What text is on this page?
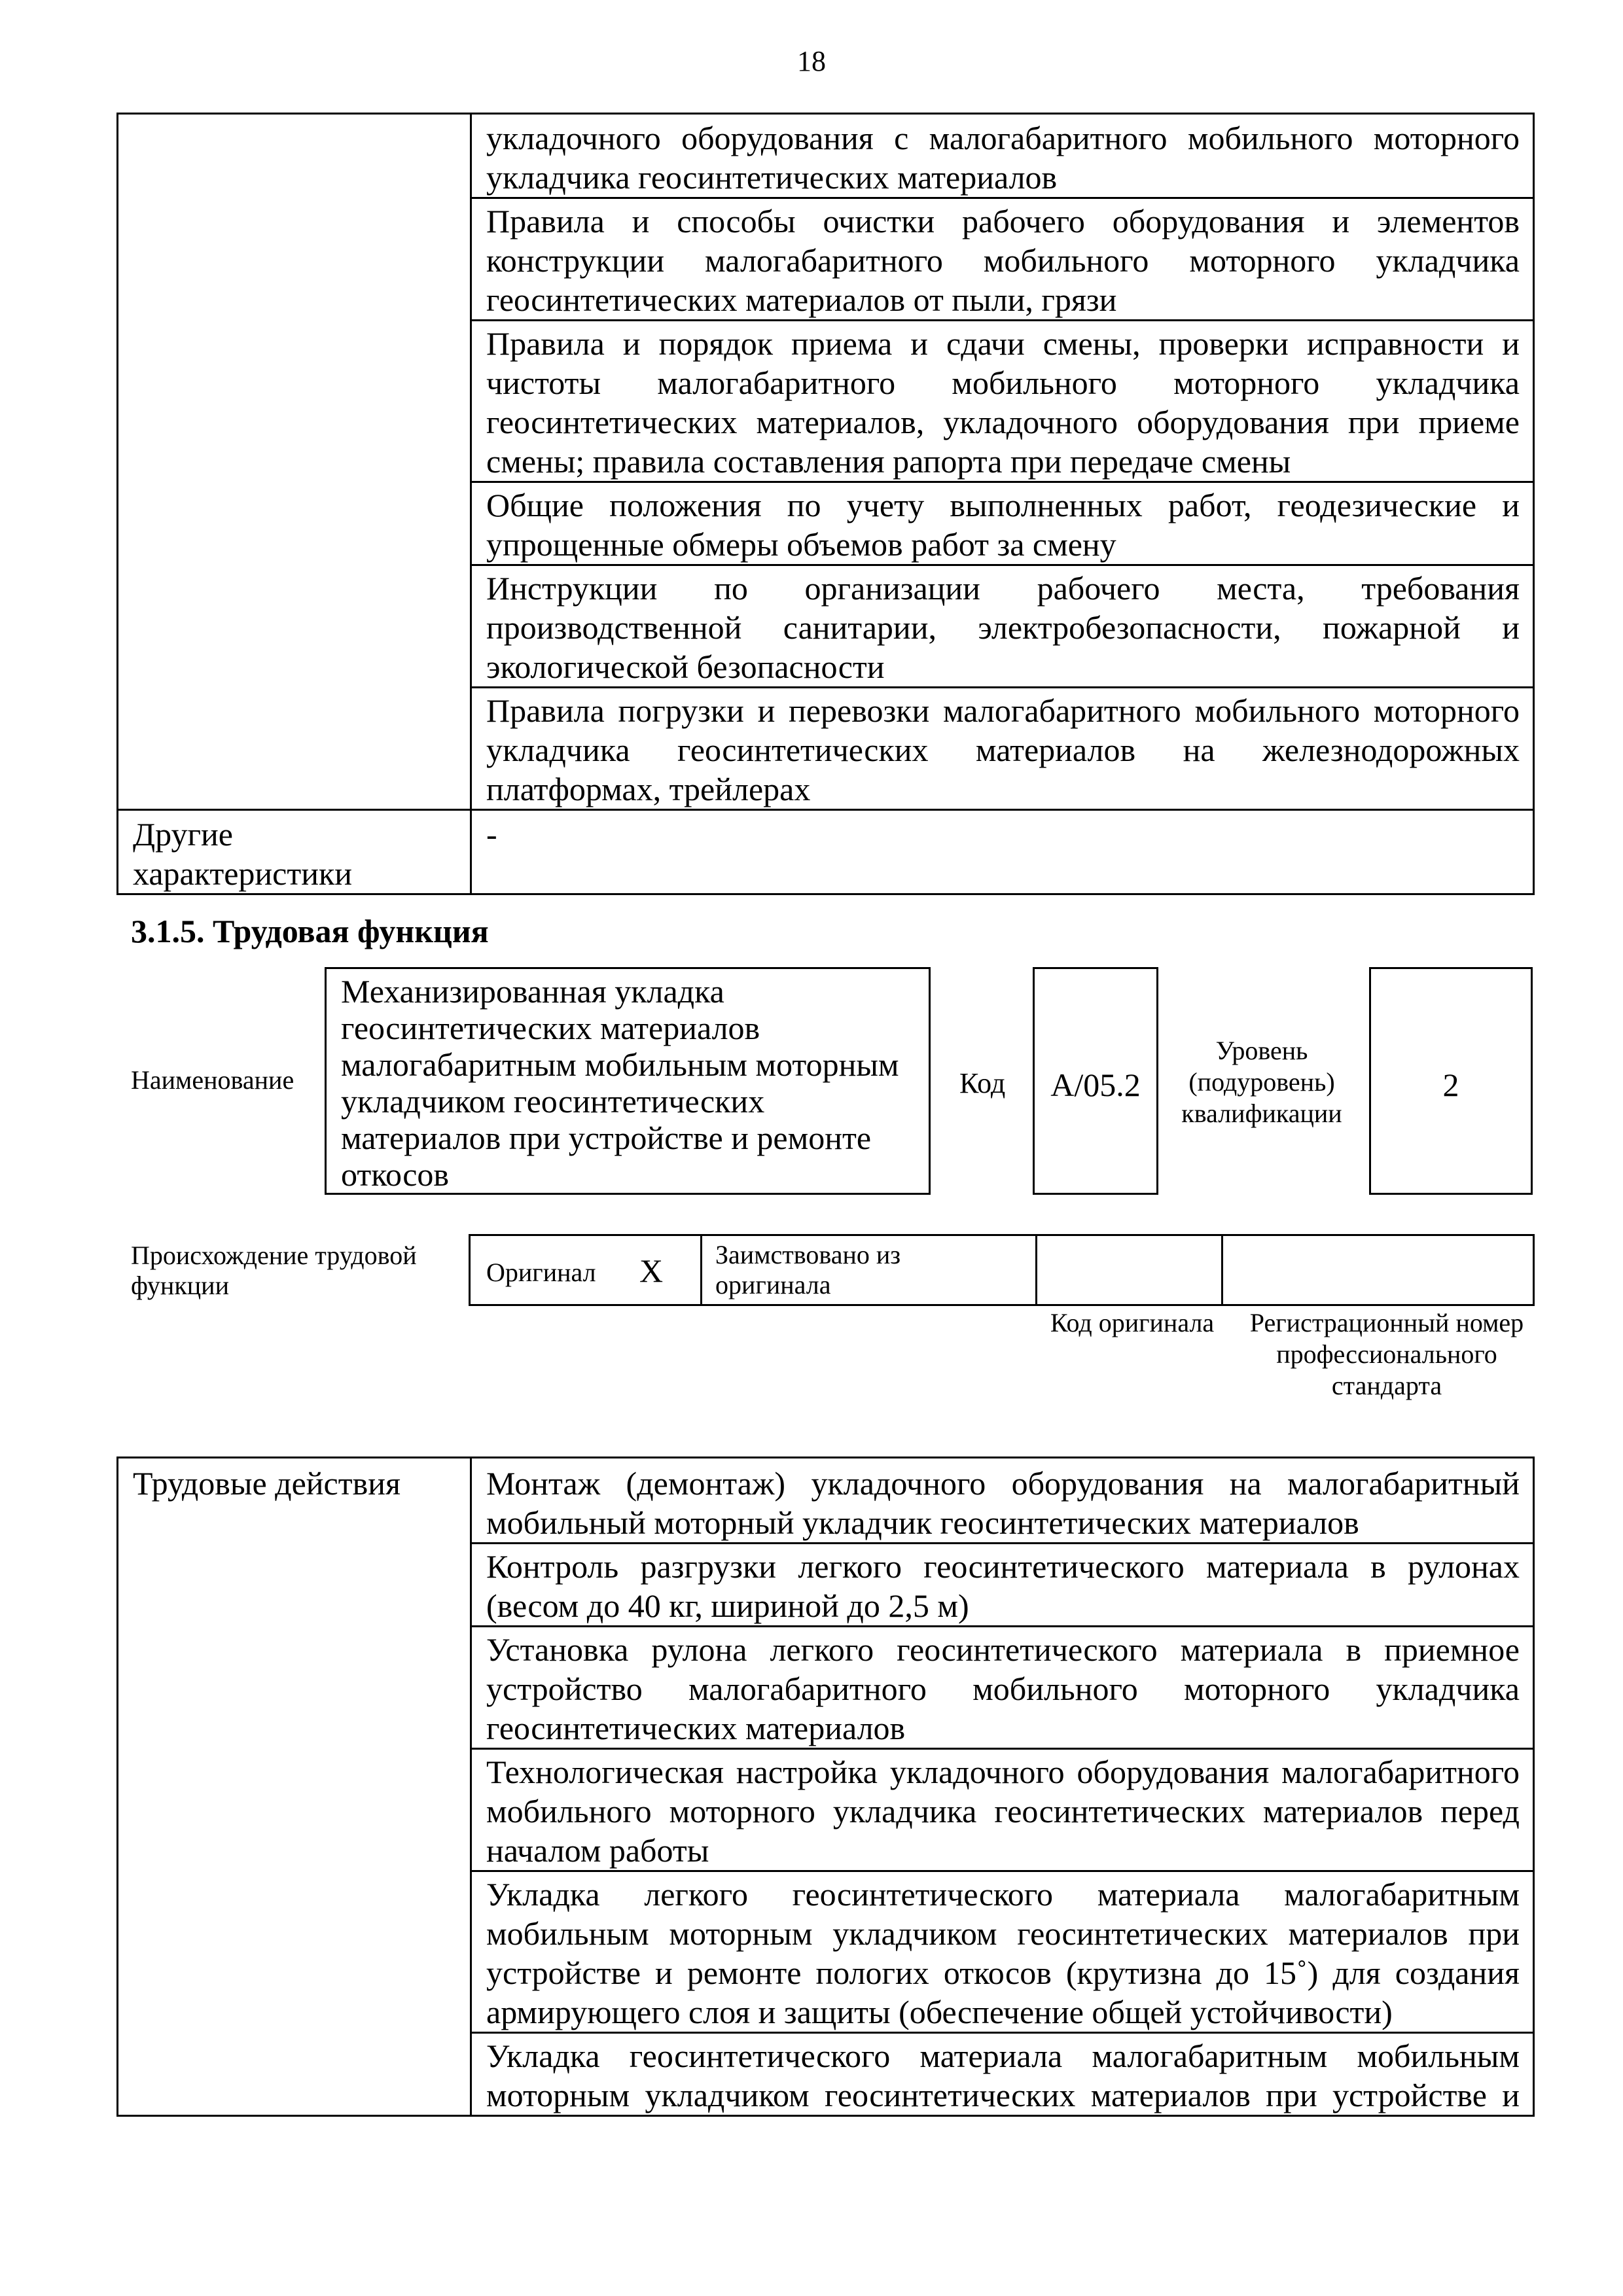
18

	укладочного оборудования с малогабаритного мобильного моторного укладчика геосинтетических материалов

	Правила и способы очистки рабочего оборудования и элементов конструкции малогабаритного мобильного моторного укладчика геосинтетических материалов от пыли, грязи

	Правила и порядок приема и сдачи смены, проверки исправности и чистоты малогабаритного мобильного моторного укладчика геосинтетических материалов, укладочного оборудования при приеме смены; правила составления рапорта при передаче смены

	Общие положения по учету выполненных работ, геодезические и упрощенные обмеры объемов работ за смену

	Инструкции по организации рабочего места, требования производственной санитарии, электробезопасности, пожарной и экологической безопасности

	Правила погрузки и перевозки малогабаритного мобильного моторного укладчика геосинтетических материалов на железнодорожных платформах, трейлерах

Другие характеристики	-

3.1.5. Трудовая функция
Наименование
Механизированная укладка геосинтетических материалов малогабаритным мобильным моторным укладчиком геосинтетических материалов при устройстве и ремонте откосов
Код	A/05.2
Уровень (подуровень) квалификации
2
Происхождение трудовой функции	Оригинал X	Заимствовано из оригинала

Код оригинала	Регистрационный номер профессионального стандарта

Трудовые действия	Монтаж (демонтаж) укладочного оборудования на малогабаритный мобильный моторный укладчик геосинтетических материалов

Контроль разгрузки легкого геосинтетического материала в рулонах (весом до 40 кг, шириной до 2,5 м)

Установка рулона легкого геосинтетического материала в приемное устройство малогабаритного мобильного моторного укладчика геосинтетических материалов

Технологическая настройка укладочного оборудования малогабаритного мобильного моторного укладчика геосинтетических материалов перед началом работы

Укладка легкого геосинтетического материала малогабаритным мобильным моторным укладчиком геосинтетических материалов при устройстве и ремонте пологих откосов (крутизна до 15˚) для создания армирующего слоя и защиты (обеспечение общей устойчивости)

Укладка геосинтетического материала малогабаритным мобильным моторным укладчиком геосинтетических материалов при устройстве и
